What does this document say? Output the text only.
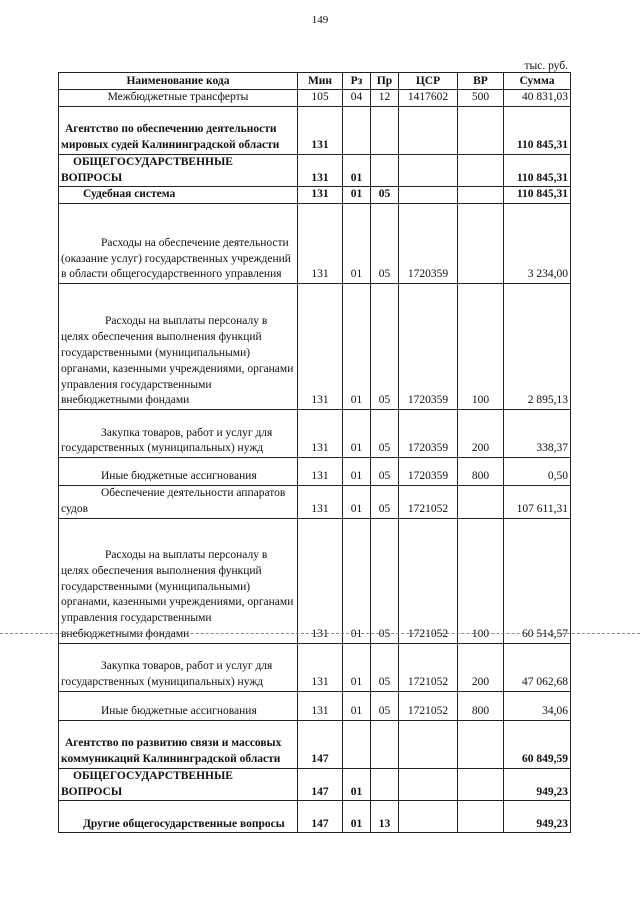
149
тыс. руб.
Наименование кода	Мин	Рз	Пр	ЦСР	ВР	Сумма
Межбюджетные трансферты	105	04	12	1417602	500	40 831,03
Агентство по обеспечению деятельности мировых судей Калининградской области	131					110 845,31
ОБЩЕГОСУДАРСТВЕННЫЕ ВОПРОСЫ	131	01				110 845,31
Судебная система	131	01	05			110 845,31
Расходы на обеспечение деятельности (оказание услуг) государственных учреждений в области общегосударственного управления	131	01	05	1720359		3 234,00
Расходы на выплаты персоналу в целях обеспечения выполнения функций государственными (муниципальными) органами, казенными учреждениями, органами управления государственными внебюджетными фондами	131	01	05	1720359	100	2 895,13
Закупка товаров, работ и услуг для государственных (муниципальных) нужд	131	01	05	1720359	200	338,37
Иные бюджетные ассигнования	131	01	05	1720359	800	0,50
Обеспечение деятельности аппаратов судов	131	01	05	1721052		107 611,31
Расходы на выплаты персоналу в целях обеспечения выполнения функций государственными (муниципальными) органами, казенными учреждениями, органами управления государственными внебюджетными фондами	131	01	05	1721052	100	60 514,57
Закупка товаров, работ и услуг для государственных (муниципальных) нужд	131	01	05	1721052	200	47 062,68
Иные бюджетные ассигнования	131	01	05	1721052	800	34,06
Агентство по развитию связи и массовых коммуникаций Калининградской области	147					60 849,59
ОБЩЕГОСУДАРСТВЕННЫЕ ВОПРОСЫ	147	01				949,23
Другие общегосударственные вопросы	147	01	13			949,23
